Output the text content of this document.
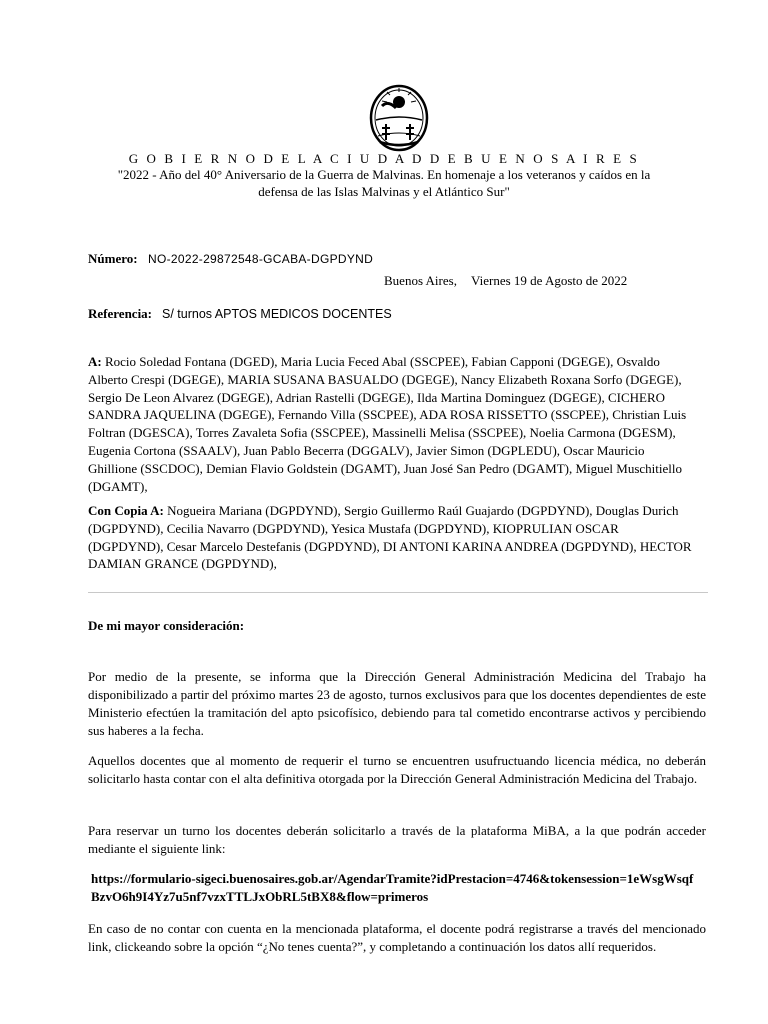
G O B I E R N O D E L A C I U D A D D E B U E N O S A I R E S
"2022 - Año del 40° Aniversario de la Guerra de Malvinas. En homenaje a los veteranos y caídos en la
defensa de las Islas Malvinas y el Atlántico Sur"
Número: NO-2022-29872548-GCABA-DGPDYND
Buenos Aires, Viernes 19 de Agosto de 2022
Referencia: S/ turnos APTOS MEDICOS DOCENTES
A: Rocio Soledad Fontana (DGED), Maria Lucia Feced Abal (SSCPEE), Fabian Capponi (DGEGE), Osvaldo Alberto Crespi (DGEGE), MARIA SUSANA BASUALDO (DGEGE), Nancy Elizabeth Roxana Sorfo (DGEGE), Sergio De Leon Alvarez (DGEGE), Adrian Rastelli (DGEGE), Ilda Martina Dominguez (DGEGE), CICHERO SANDRA JAQUELINA (DGEGE), Fernando Villa (SSCPEE), ADA ROSA RISSETTO (SSCPEE), Christian Luis Foltran (DGESCA), Torres Zavaleta Sofia (SSCPEE), Massinelli Melisa (SSCPEE), Noelia Carmona (DGESM), Eugenia Cortona (SSAALV), Juan Pablo Becerra (DGGALV), Javier Simon (DGPLEDU), Oscar Mauricio Ghillione (SSCDOC), Demian Flavio Goldstein (DGAMT), Juan José San Pedro (DGAMT), Miguel Muschitiello (DGAMT),
Con Copia A: Nogueira Mariana (DGPDYND), Sergio Guillermo Raúl Guajardo (DGPDYND), Douglas Durich (DGPDYND), Cecilia Navarro (DGPDYND), Yesica Mustafa (DGPDYND), KIOPRULIAN OSCAR (DGPDYND), Cesar Marcelo Destefanis (DGPDYND), DI ANTONI KARINA ANDREA (DGPDYND), HECTOR DAMIAN GRANCE (DGPDYND),
De mi mayor consideración:
Por medio de la presente, se informa que la Dirección General Administración Medicina del Trabajo ha disponibilizado a partir del próximo martes 23 de agosto, turnos exclusivos para que los docentes dependientes de este Ministerio efectúen la tramitación del apto psicofísico, debiendo para tal cometido encontrarse activos y percibiendo sus haberes a la fecha.
Aquellos docentes que al momento de requerir el turno se encuentren usufructuando licencia médica, no deberán solicitarlo hasta contar con el alta definitiva otorgada por la Dirección General Administración Medicina del Trabajo.
Para reservar un turno los docentes deberán solicitarlo a través de la plataforma MiBA, a la que podrán acceder mediante el siguiente link:
https://formulario-sigeci.buenosaires.gob.ar/AgendarTramite?idPrestacion=4746&tokensession=1eWsgWsqfBzvO6h9I4Yz7u5nf7vzxTTLJxObRL5tBX8&flow=primeros
En caso de no contar con cuenta en la mencionada plataforma, el docente podrá registrarse a través del mencionado link, clickeando sobre la opción “¿No tenes cuenta?”, y completando a continuación los datos allí requeridos.
